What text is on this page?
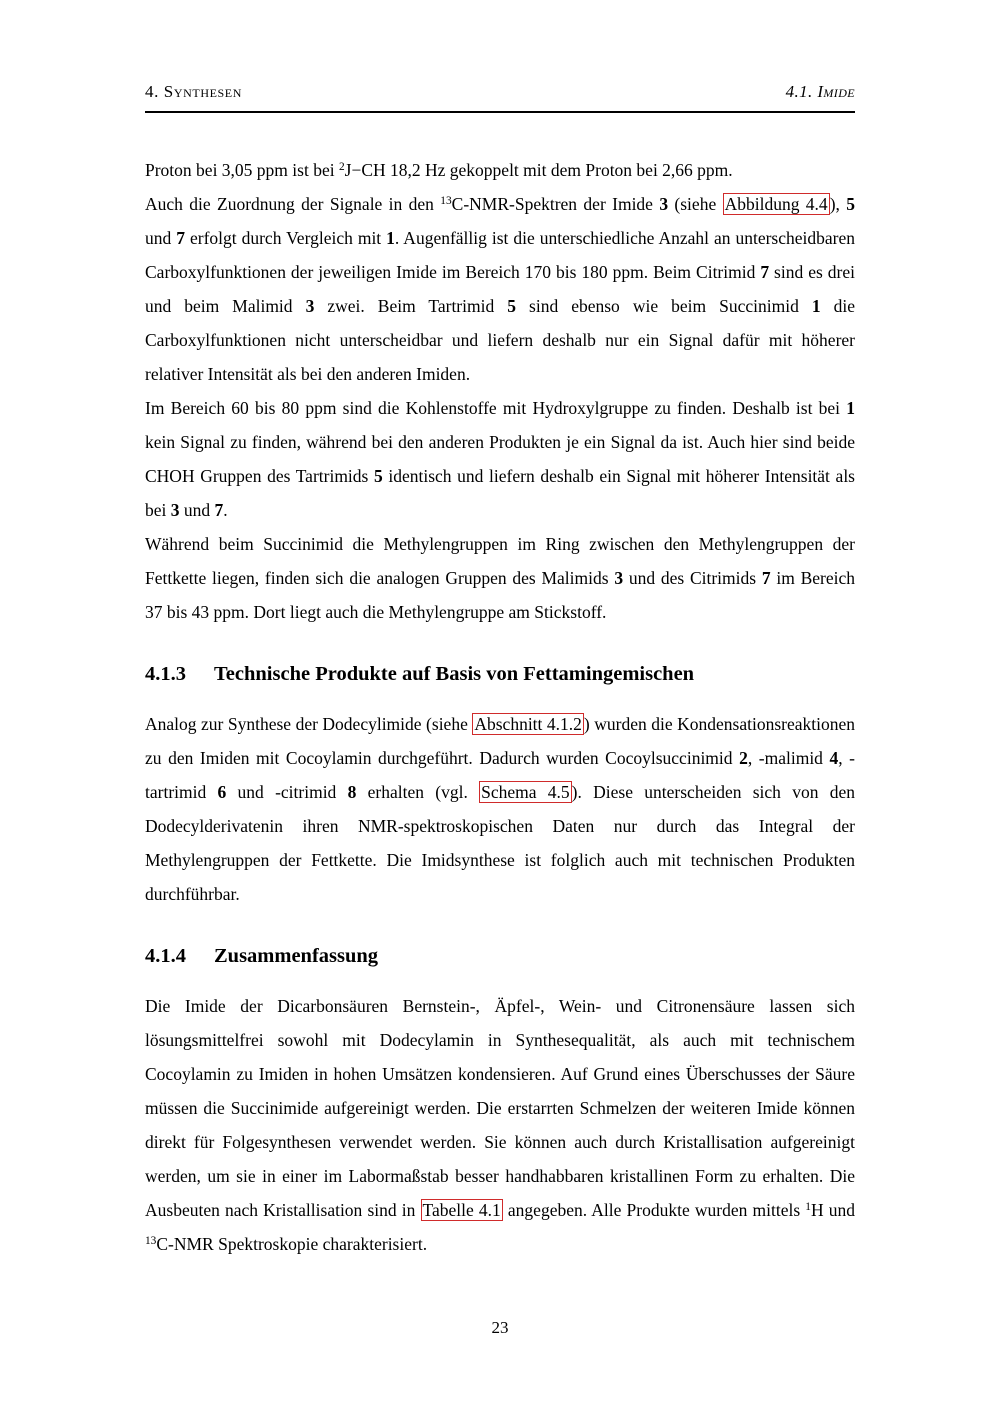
4. Synthesen	4.1. Imide

Proton bei 3,05 ppm ist bei $^2$J−CH 18,2 Hz gekoppelt mit dem Proton bei 2,66 ppm.

Auch die Zuordnung der Signale in den $^{13}$C-NMR-Spektren der Imide 3 (siehe Abbildung 4.4 ), 5 und 7 erfolgt durch Vergleich mit 1. Augenfällig ist die unterschiedliche Anzahl an unterscheidbaren Carboxylfunktionen der jeweiligen Imide im Bereich 170 bis 180 ppm. Beim Citrimid 7 sind es drei und beim Malimid 3 zwei. Beim Tartrimid 5 sind ebenso wie beim Succinimid 1 die Carboxylfunktionen nicht unterscheidbar und liefern deshalb nur ein Signal dafür mit höherer relativer Intensität als bei den anderen Imiden.

Im Bereich 60 bis 80 ppm sind die Kohlenstoffe mit Hydroxylgruppe zu finden. Deshalb ist bei 1 kein Signal zu finden, während bei den anderen Produkten je ein Signal da ist. Auch hier sind beide CHOH Gruppen des Tartrimids 5 identisch und liefern deshalb ein Signal mit höherer Intensität als bei 3 und 7.

Während beim Succinimid die Methylengruppen im Ring zwischen den Methylengruppen der Fettkette liegen, finden sich die analogen Gruppen des Malimids 3 und des Citrimids 7 im Bereich 37 bis 43 ppm. Dort liegt auch die Methylengruppe am Stickstoff.

4.1.3 Technische Produkte auf Basis von Fettamingemischen

Analog zur Synthese der Dodecylimide (siehe Abschnitt 4.1.2 ) wurden die Kondensationsreaktionen zu den Imiden mit Cocoylamin durchgeführt. Dadurch wurden Cocoylsuccinimid 2, -malimid 4, -tartrimid 6 und -citrimid 8 erhalten (vgl. Schema 4.5 ). Diese unterscheiden sich von den Dodecylderivatenin ihren NMR-spektroskopischen Daten nur durch das Integral der Methylengruppen der Fettkette. Die Imidsynthese ist folglich auch mit technischen Produkten durchführbar.

4.1.4 Zusammenfassung

Die Imide der Dicarbonsäuren Bernstein-, Äpfel-, Wein- und Citronensäure lassen sich lösungsmittelfrei sowohl mit Dodecylamin in Synthesequalität, als auch mit technischem Cocoylamin zu Imiden in hohen Umsätzen kondensieren. Auf Grund eines Überschusses der Säure müssen die Succinimide aufgereinigt werden. Die erstarrten Schmelzen der weiteren Imide können direkt für Folgesynthesen verwendet werden. Sie können auch durch Kristallisation aufgereinigt werden, um sie in einer im Labormaßstab besser handhabbaren kristallinen Form zu erhalten. Die Ausbeuten nach Kristallisation sind in Tabelle 4.1 angegeben. Alle Produkte wurden mittels $^1$H und $^{13}$C-NMR Spektroskopie charakterisiert.

23
